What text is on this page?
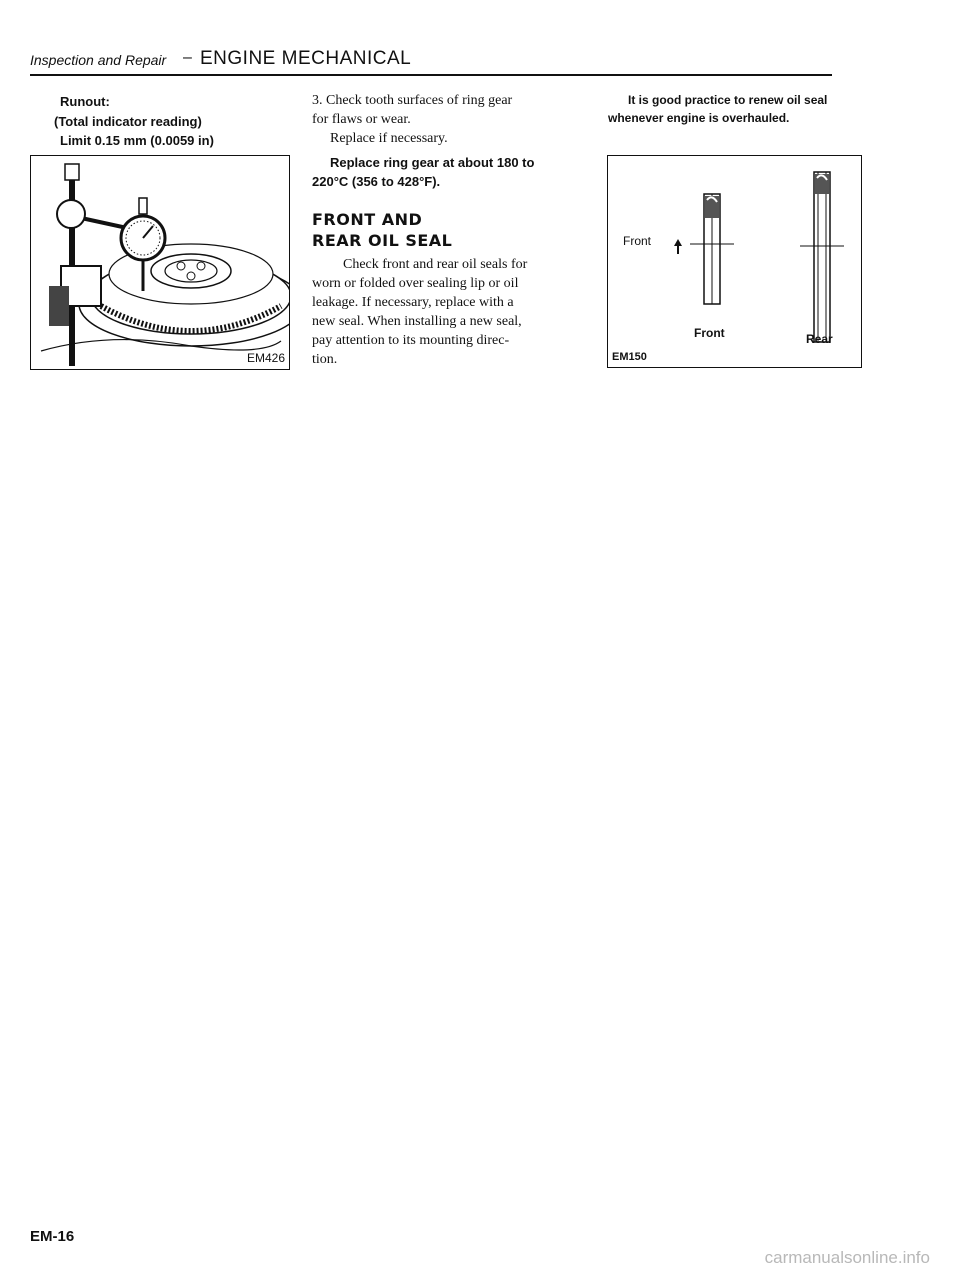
Inspection and Repair – ENGINE MECHANICAL
Runout:
(Total indicator reading)
Limit 0.15 mm (0.0059 in)
EM426
3. Check tooth surfaces of ring gear
for flaws or wear.
Replace if necessary.
Replace ring gear at about 180 to
220°C (356 to 428°F).
FRONT AND
REAR OIL SEAL
Check front and rear oil seals for
worn or folded over sealing lip or oil
leakage. If necessary, replace with a
new seal. When installing a new seal,
pay attention to its mounting direc-
tion.
It is good practice to renew oil seal
whenever engine is overhauled.
Front
Front	Rear
EM150
EM-16
carmanualsonline.info
